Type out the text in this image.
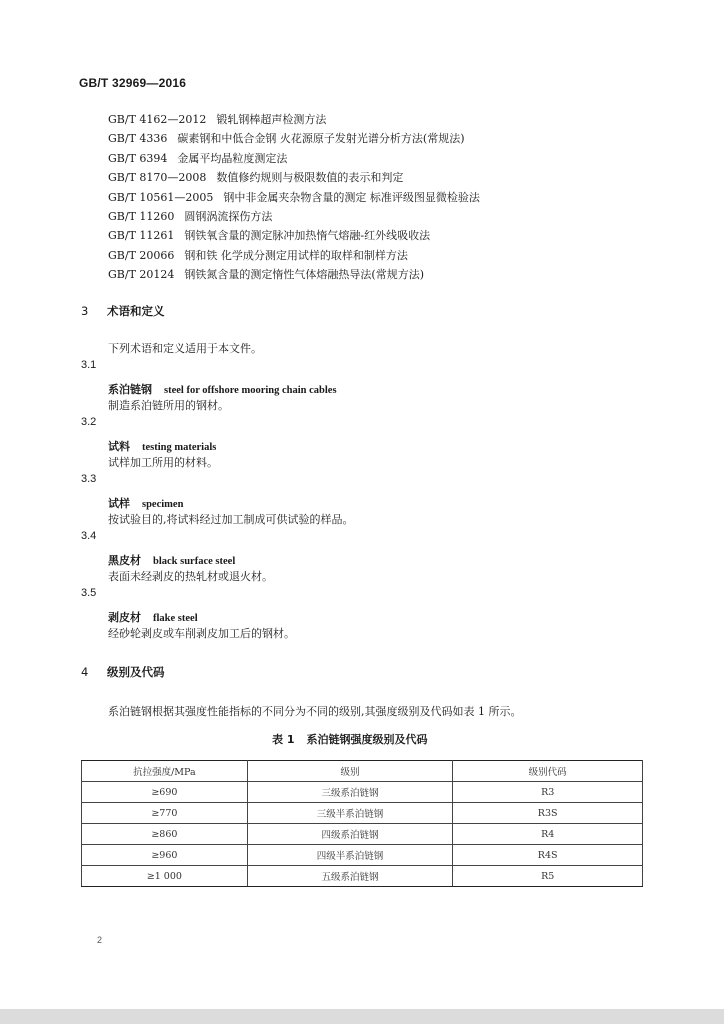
GB/T 32969—2016
GB/T 4162—2012 锻轧钢棒超声检测方法
GB/T 4336 碳素钢和中低合金钢 火花源原子发射光谱分析方法(常规法)
GB/T 6394 金属平均晶粒度测定法
GB/T 8170—2008 数值修约规则与极限数值的表示和判定
GB/T 10561—2005 钢中非金属夹杂物含量的测定 标准评级图显微检验法
GB/T 11260 圆钢涡流探伤方法
GB/T 11261 钢铁氧含量的测定脉冲加热惰气熔融-红外线吸收法
GB/T 20066 钢和铁 化学成分测定用试样的取样和制样方法
GB/T 20124 钢铁氮含量的测定惰性气体熔融热导法(常规方法)
3 术语和定义
下列术语和定义适用于本文件。
3.1
系泊链钢 steel for offshore mooring chain cables
制造系泊链所用的钢材。
3.2
试料 testing materials
试样加工所用的材料。
3.3
试样 specimen
按试验目的,将试料经过加工制成可供试验的样品。
3.4
黑皮材 black surface steel
表面未经剥皮的热轧材或退火材。
3.5
剥皮材 flake steel
经砂轮剥皮或车削剥皮加工后的钢材。
4 级别及代码
系泊链钢根据其强度性能指标的不同分为不同的级别,其强度级别及代码如表 1 所示。
表 1 系泊链钢强度级别及代码
抗拉强度/MPa	级别	级别代码
≥690	三级系泊链钢	R3
≥770	三级半系泊链钢	R3S
≥860	四级系泊链钢	R4
≥960	四级半系泊链钢	R4S
≥1 000	五级系泊链钢	R5
2
